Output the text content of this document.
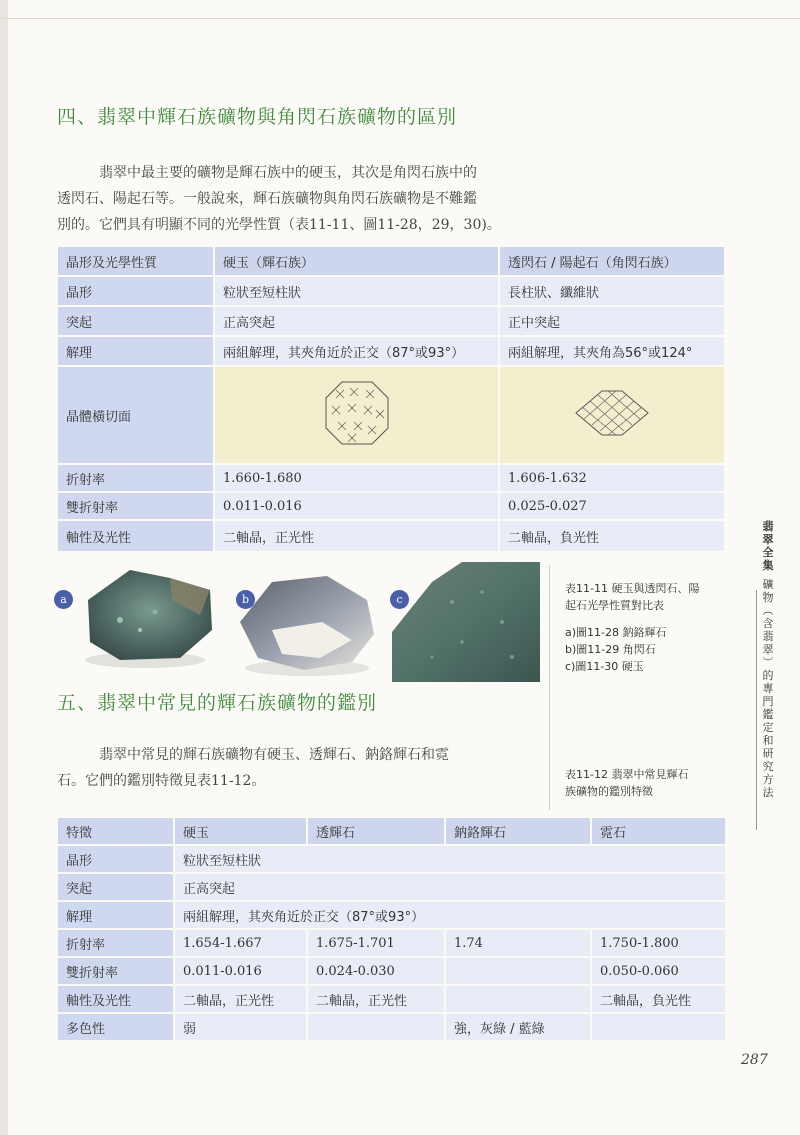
四、翡翠中輝石族礦物與角閃石族礦物的區別
翡翠中最主要的礦物是輝石族中的硬玉，其次是角閃石族中的
透閃石、陽起石等。一般說來，輝石族礦物與角閃石族礦物是不難鑑
別的。它們具有明顯不同的光學性質（表11-11、圖11-28，29，30)。
晶形及光學性質	硬玉（輝石族）	透閃石 / 陽起石（角閃石族）
晶形	粒狀至短柱狀	長柱狀、纖維狀
突起	正高突起	正中突起
解理	兩組解理，其夾角近於正交（87°或93°）	兩組解理，其夾角為56°或124°
晶體橫切面		
折射率	1.660-1.680	1.606-1.632
雙折射率	0.011-0.016	0.025-0.027
軸性及光性	二軸晶，正光性	二軸晶，負光性
a	b	c
表11-11 硬玉與透閃石、陽
起石光學性質對比表
a)圖11-28 鈉鉻輝石
b)圖11-29 角閃石
c)圖11-30 硬玉
五、翡翠中常見的輝石族礦物的鑑別
翡翠中常見的輝石族礦物有硬玉、透輝石、鈉鉻輝石和霓
石。它們的鑑別特徵見表11-12。	表11-12 翡翠中常見輝石
族礦物的鑑別特徵
特徵	硬玉	透輝石	鈉鉻輝石	霓石
晶形	粒狀至短柱狀			
突起	正高突起			
解理	兩組解理，其夾角近於正交（87°或93°）			
折射率	1.654-1.667	1.675-1.701	1.74	1.750-1.800
雙折射率	0.011-0.016	0.024-0.030		0.050-0.060
軸性及光性	二軸晶，正光性	二軸晶，正光性		二軸晶，負光性
多色性	弱		強，灰綠 / 藍綠	
翡
翠
全
集
礦
物
︵
含
翡
翠
︶
的
專
門
鑑
定
和
研
究
方
法
287
